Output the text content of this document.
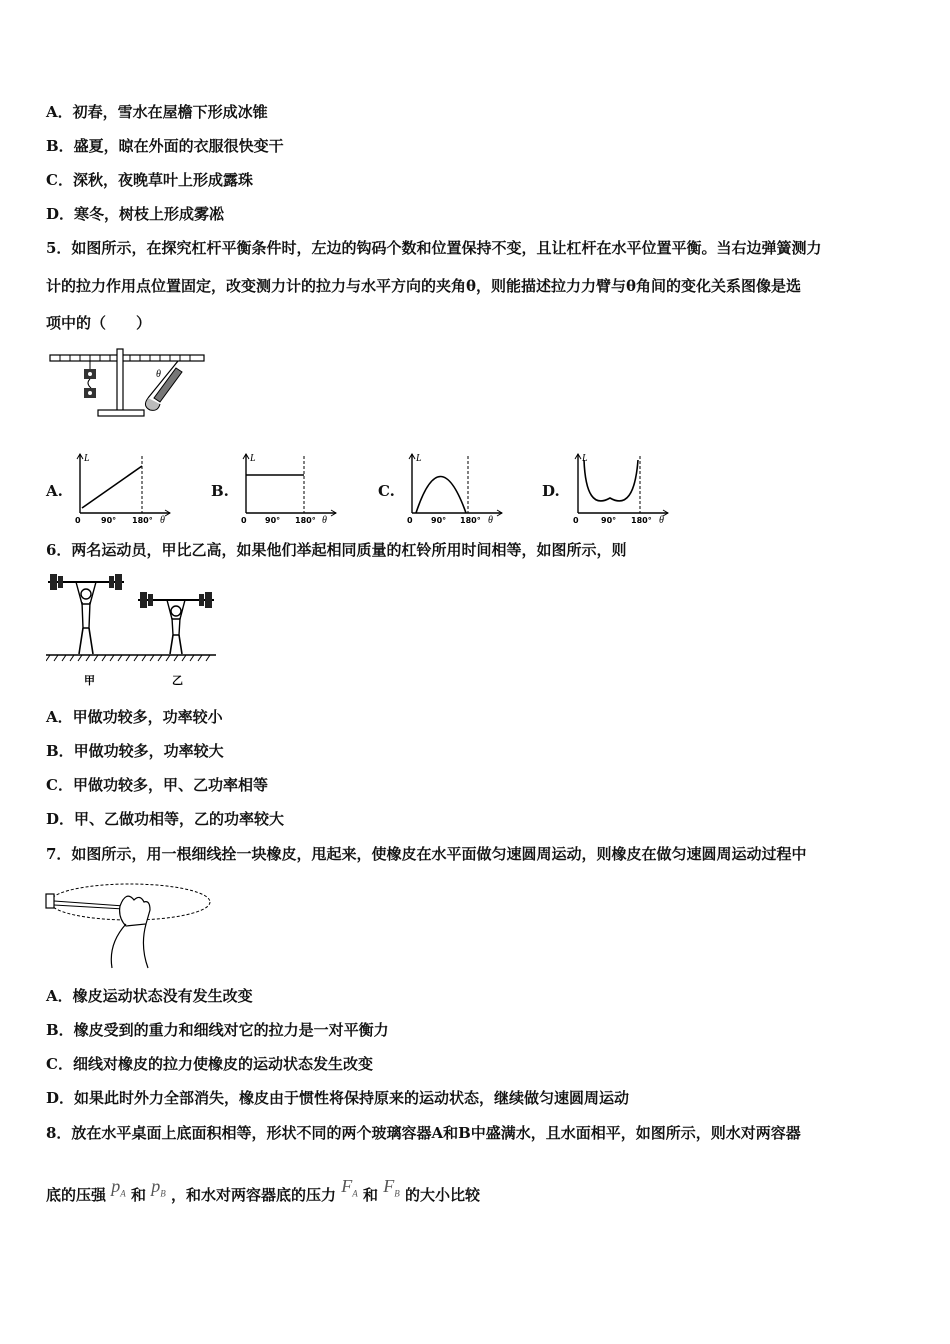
A．初春，雪水在屋檐下形成冰锥
B．盛夏，晾在外面的衣服很快变干
C．深秋，夜晚草叶上形成露珠
D．寒冬，树枝上形成雾凇
5．如图所示，在探究杠杆平衡条件时，左边的钩码个数和位置保持不变，且让杠杆在水平位置平衡。当右边弹簧测力
计的拉力作用点位置固定，改变测力计的拉力与水平方向的夹角θ，则能描述拉力力臂与θ角间的变化关系图像是选
项中的（　　）
θ
A.
L
0	90° 180° θ
B.
L
0 90° 180° θ
C.
L
0 90° 180° θ
D.
L
0	90° 180° θ
6．两名运动员，甲比乙高，如果他们举起相同质量的杠铃所用时间相等，如图所示，则
甲	乙
A．甲做功较多，功率较小
B．甲做功较多，功率较大
C．甲做功较多，甲、乙功率相等
D．甲、乙做功相等，乙的功率较大
7．如图所示，用一根细线拴一块橡皮，甩起来，使橡皮在水平面做匀速圆周运动，则橡皮在做匀速圆周运动过程中
A．橡皮运动状态没有发生改变
B．橡皮受到的重力和细线对它的拉力是一对平衡力
C．细线对橡皮的拉力使橡皮的运动状态发生改变
D．如果此时外力全部消失，橡皮由于惯性将保持原来的运动状态，继续做匀速圆周运动
8．放在水平桌面上底面积相等，形状不同的两个玻璃容器A和B中盛满水，且水面相平，如图所示，则水对两容器
底的压强 $p_A$ 和 $p_B$ ，和水对两容器底的压力 $F_A$ 和 $F_B$ 的大小比较
